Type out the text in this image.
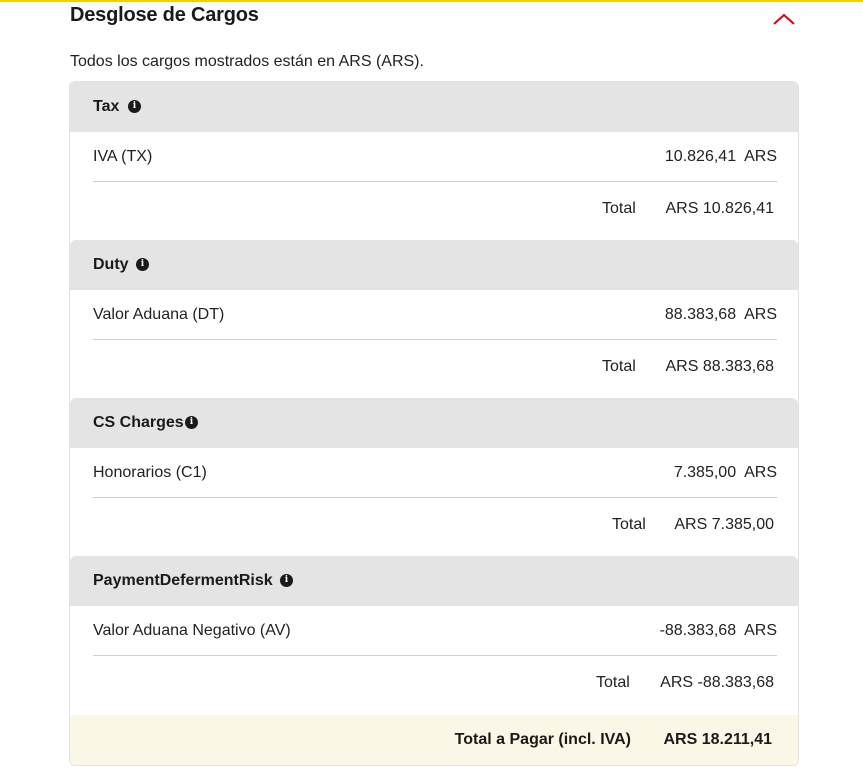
Desglose de Cargos
Todos los cargos mostrados están en ARS (ARS).
Tax	i
IVA (TX)	10.826,41  ARS
Total ARS 10.826,41
Duty	i
Valor Aduana (DT)	88.383,68  ARS
Total ARS 88.383,68
CS Charges i
Honorarios (C1)	7.385,00  ARS
Total ARS 7.385,00
PaymentDefermentRisk	i
Valor Aduana Negativo (AV)	-88.383,68  ARS
Total ARS -88.383,68
Total a Pagar (incl. IVA) ARS 18.211,41
